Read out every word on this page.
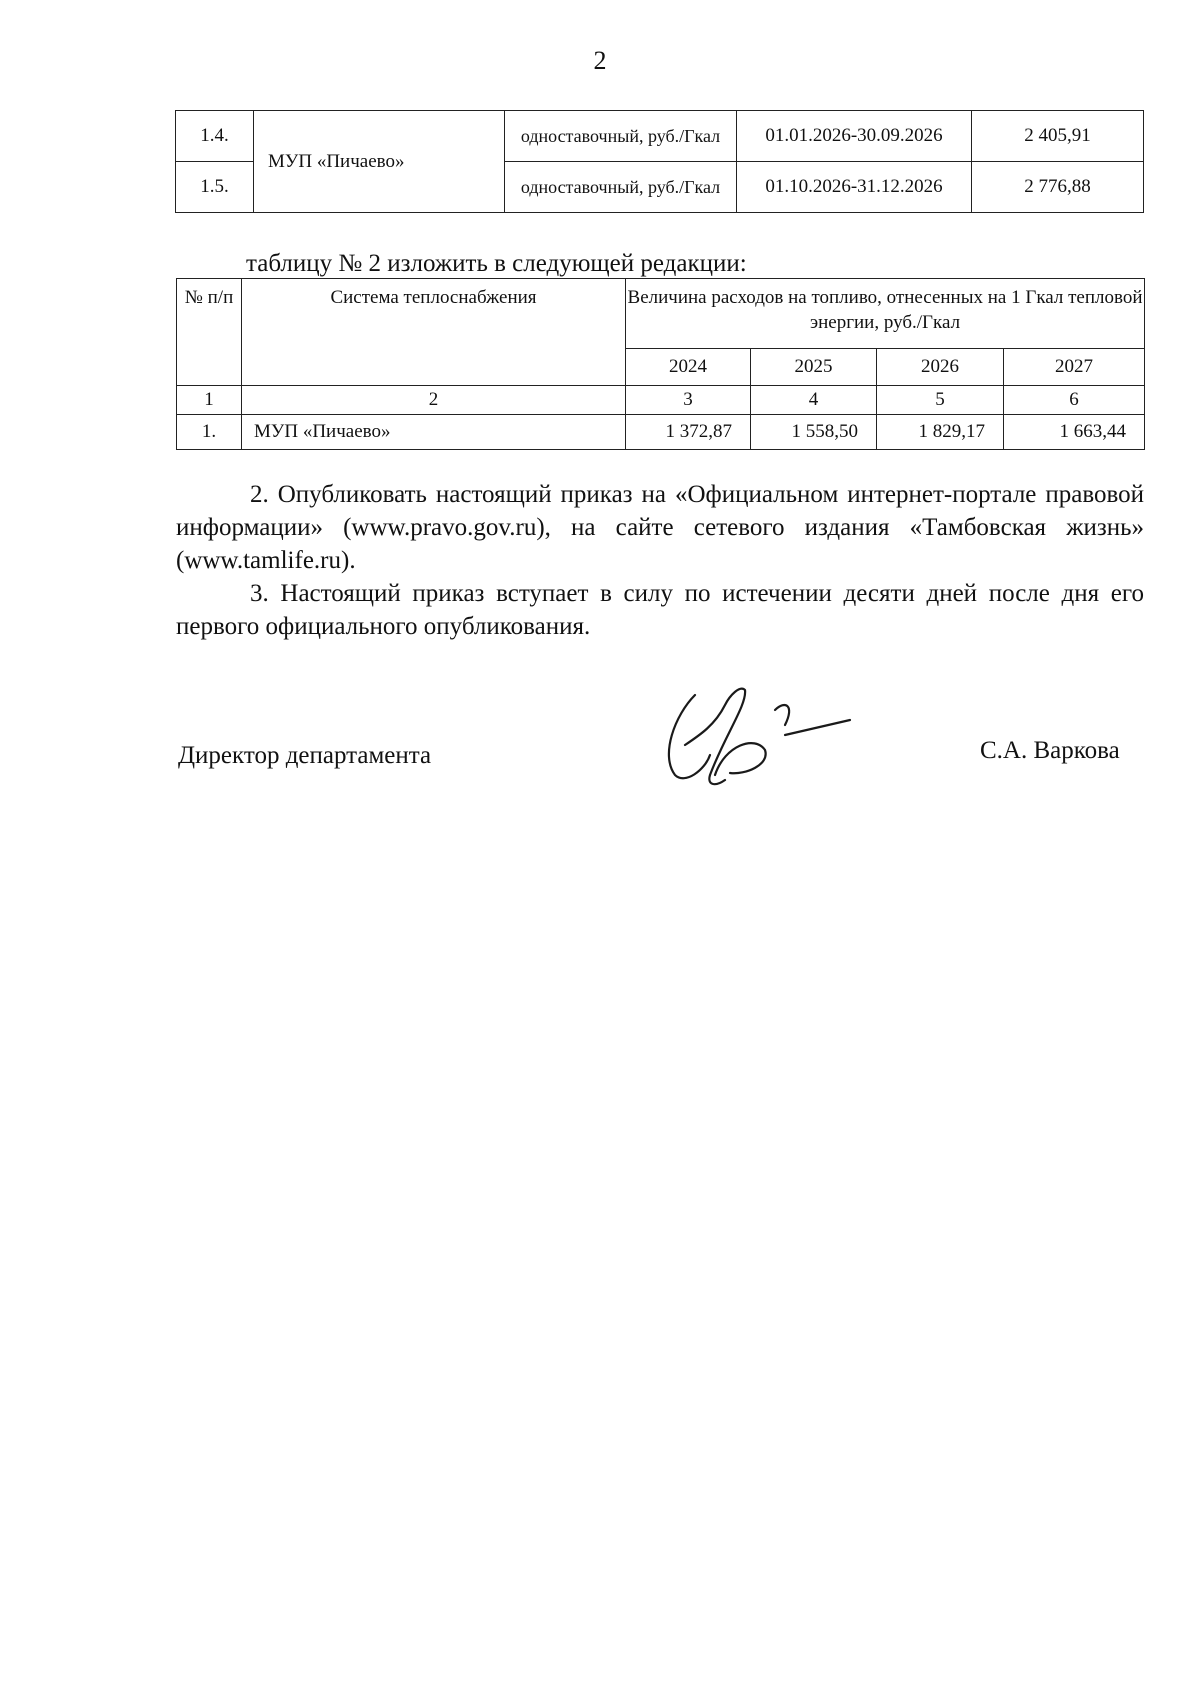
2
1.4.	МУП «Пичаево»	одноставочный, руб./Гкал	01.01.2026-30.09.2026	2 405,91
1.5.		одноставочный, руб./Гкал	01.10.2026-31.12.2026	2 776,88
таблицу № 2 изложить в следующей редакции:
№ п/п	Система теплоснабжения	Величина расходов на топливо, отнесенных на 1 Гкал тепловой энергии, руб./Гкал			
		2024	2025	2026	2027
1	2	3	4	5	6
1.	МУП «Пичаево»	1 372,87	1 558,50	1 829,17	1 663,44

2. Опубликовать настоящий приказ на «Официальном интернет-портале правовой информации» (www.pravo.gov.ru), на сайте сетевого издания «Тамбовская жизнь» (www.tamlife.ru).

3. Настоящий приказ вступает в силу по истечении десяти дней после дня его первого официального опубликования.

Директор департамента	С.А. Варкова
